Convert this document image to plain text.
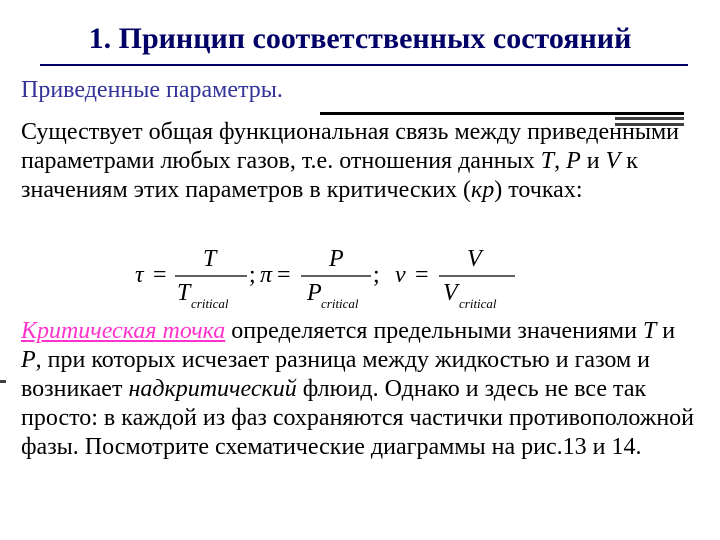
1. Принцип соответственных состояний
Приведенные параметры.

Существует общая функциональная связь между приведенными параметрами любых газов, т.е. отношения данных T, P и V к значениям этих параметров в критических (кр) точках:

τ =
T
T critical
; π =
P
P critical
; ν =
V
V critical

Критическая точка определяется предельными значениями T и P, при которых исчезает разница между жидкостью и газом и возникает надкритический флюид. Однако и здесь не все так просто: в каждой из фаз сохраняются частички противоположной фазы. Посмотрите схематические диаграммы на рис.13 и 14.
